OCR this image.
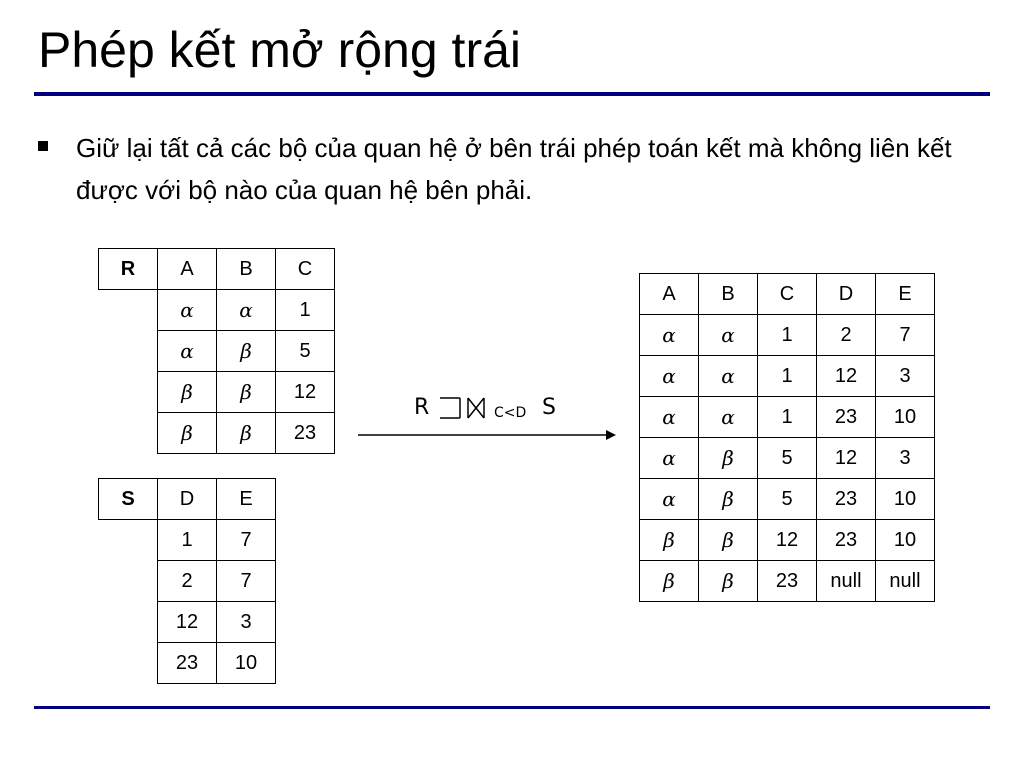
Phép kết mở rộng trái
Giữ lại tất cả các bộ của quan hệ ở bên trái phép toán kết mà không liên kết được với bộ nào của quan hệ bên phải.
R	A	B	C
	α	α	1
	α	β	5
	β	β	12
	β	β	23
S	D	E
	1	7
	2	7
	12	3
	23	10
R	C<D S
A	B	C	D	E
α	α	1	2	7
α	α	1	12	3
α	α	1	23	10
α	β	5	12	3
α	β	5	23	10
β	β	12	23	10
β	β	23	null	null
